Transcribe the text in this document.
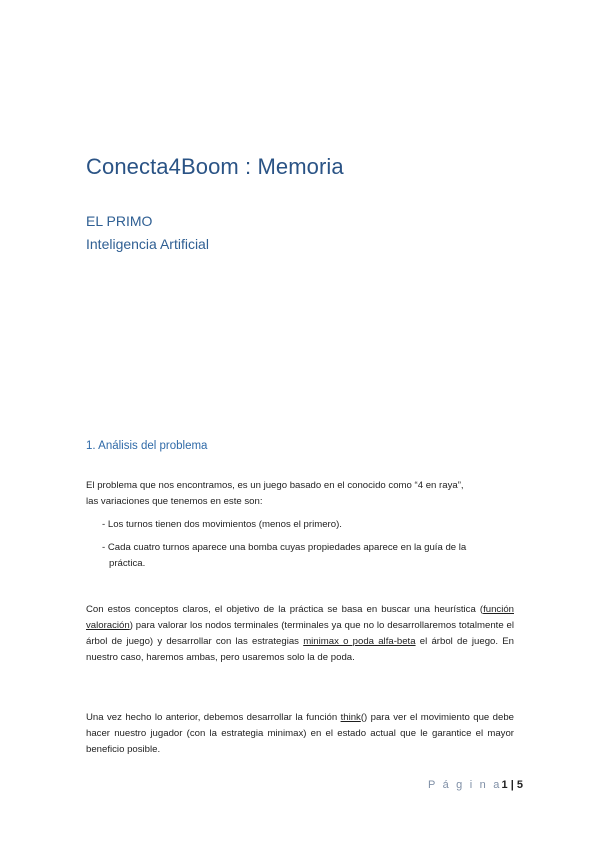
Conecta4Boom : Memoria
EL PRIMO
Inteligencia Artificial
1. Análisis del problema
El problema que nos encontramos, es un juego basado en el conocido como “4 en raya”,
las variaciones que tenemos en este son:
- Los turnos tienen dos movimientos (menos el primero).
- Cada cuatro turnos aparece una bomba cuyas propiedades aparece en la guía de la
práctica.
Con estos conceptos claros, el objetivo de la práctica se basa en buscar una heurística (función valoración) para valorar los nodos terminales (terminales ya que no lo desarrollaremos totalmente el árbol de juego) y desarrollar con las estrategias minimax o poda alfa-beta el árbol de juego. En nuestro caso, haremos ambas, pero usaremos solo la de poda.
Una vez hecho lo anterior, debemos desarrollar la función think() para ver el movimiento que debe hacer nuestro jugador (con la estrategia minimax) en el estado actual que le garantice el mayor beneficio posible.
P á g i n a1 | 5
